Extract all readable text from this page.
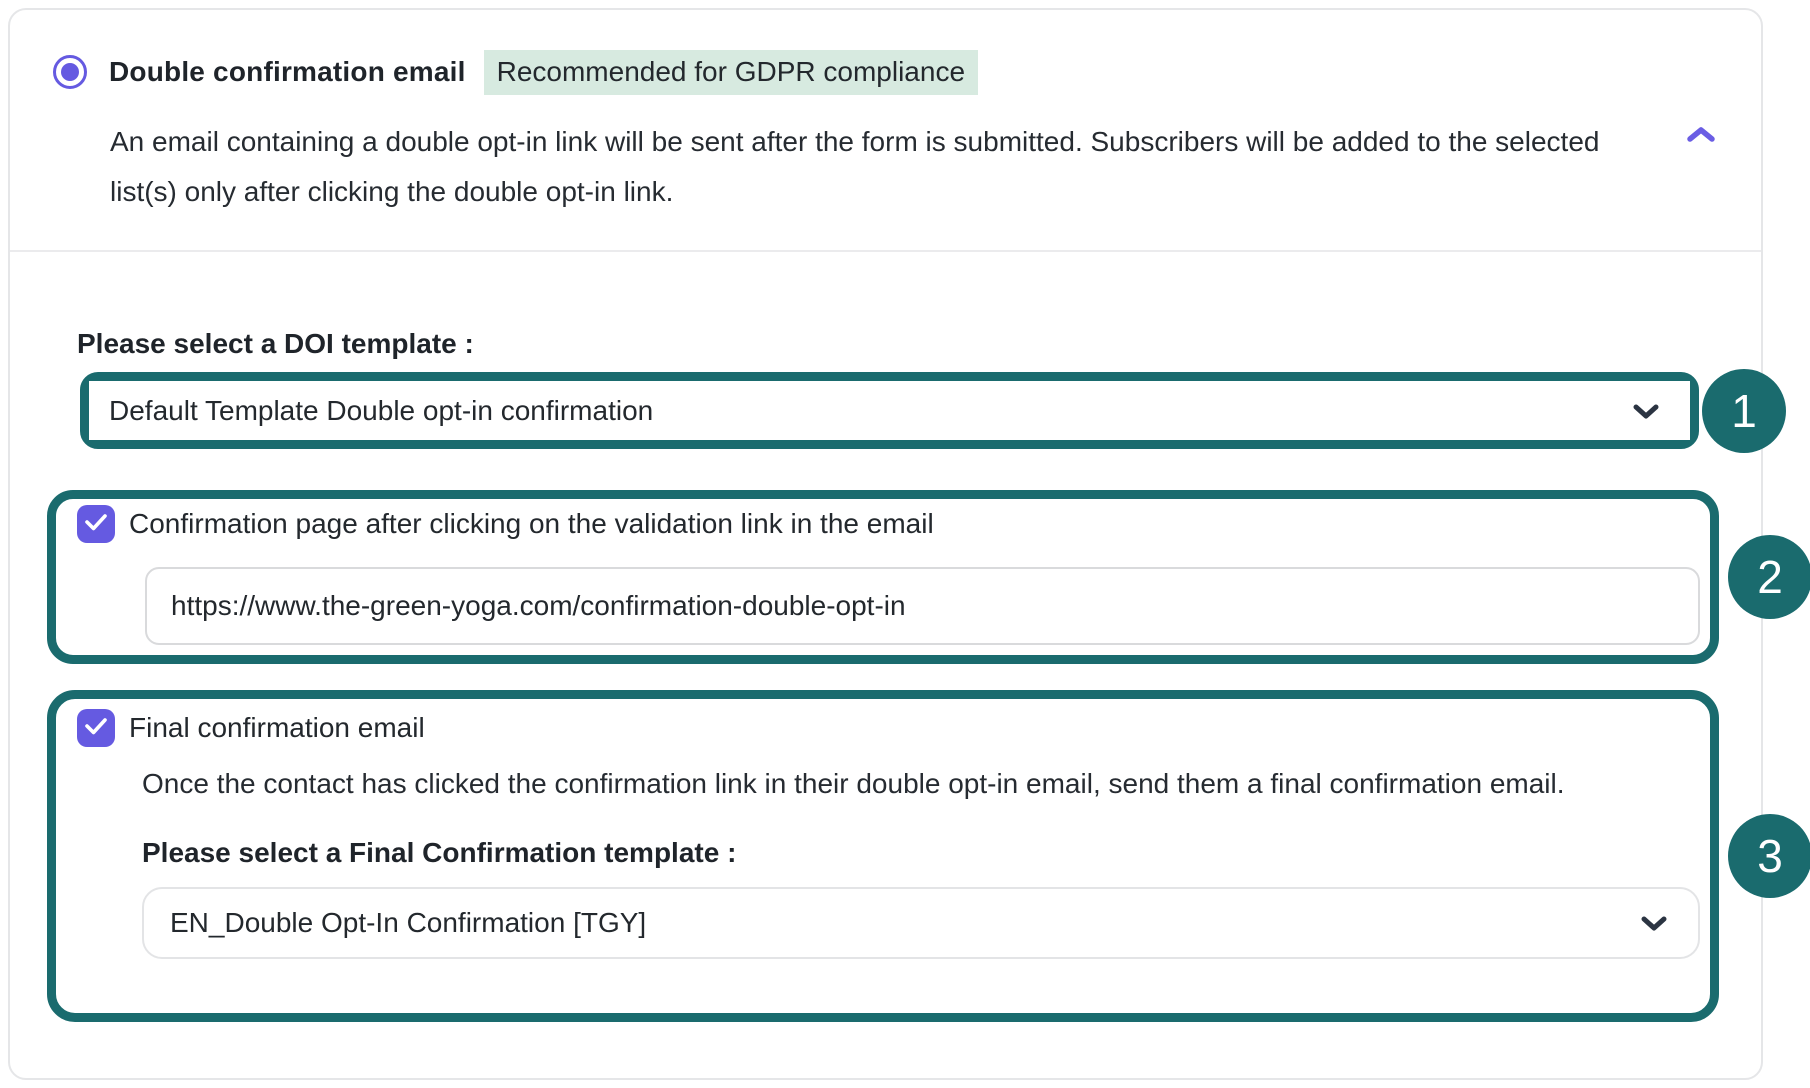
Double confirmation email	Recommended for GDPR compliance

An email containing a double opt-in link will be sent after the form is submitted. Subscribers will be added to the selected list(s) only after clicking the double opt-in link.

Please select a DOI template :
Default Template Double opt-in confirmation	1
Confirmation page after clicking on the validation link in the email
https://www.the-green-yoga.com/confirmation-double-opt-in
2
Final confirmation email

Once the contact has clicked the confirmation link in their double opt-in email, send them a final confirmation email.

Please select a Final Confirmation template :
EN_Double Opt-In Confirmation [TGY]
3
